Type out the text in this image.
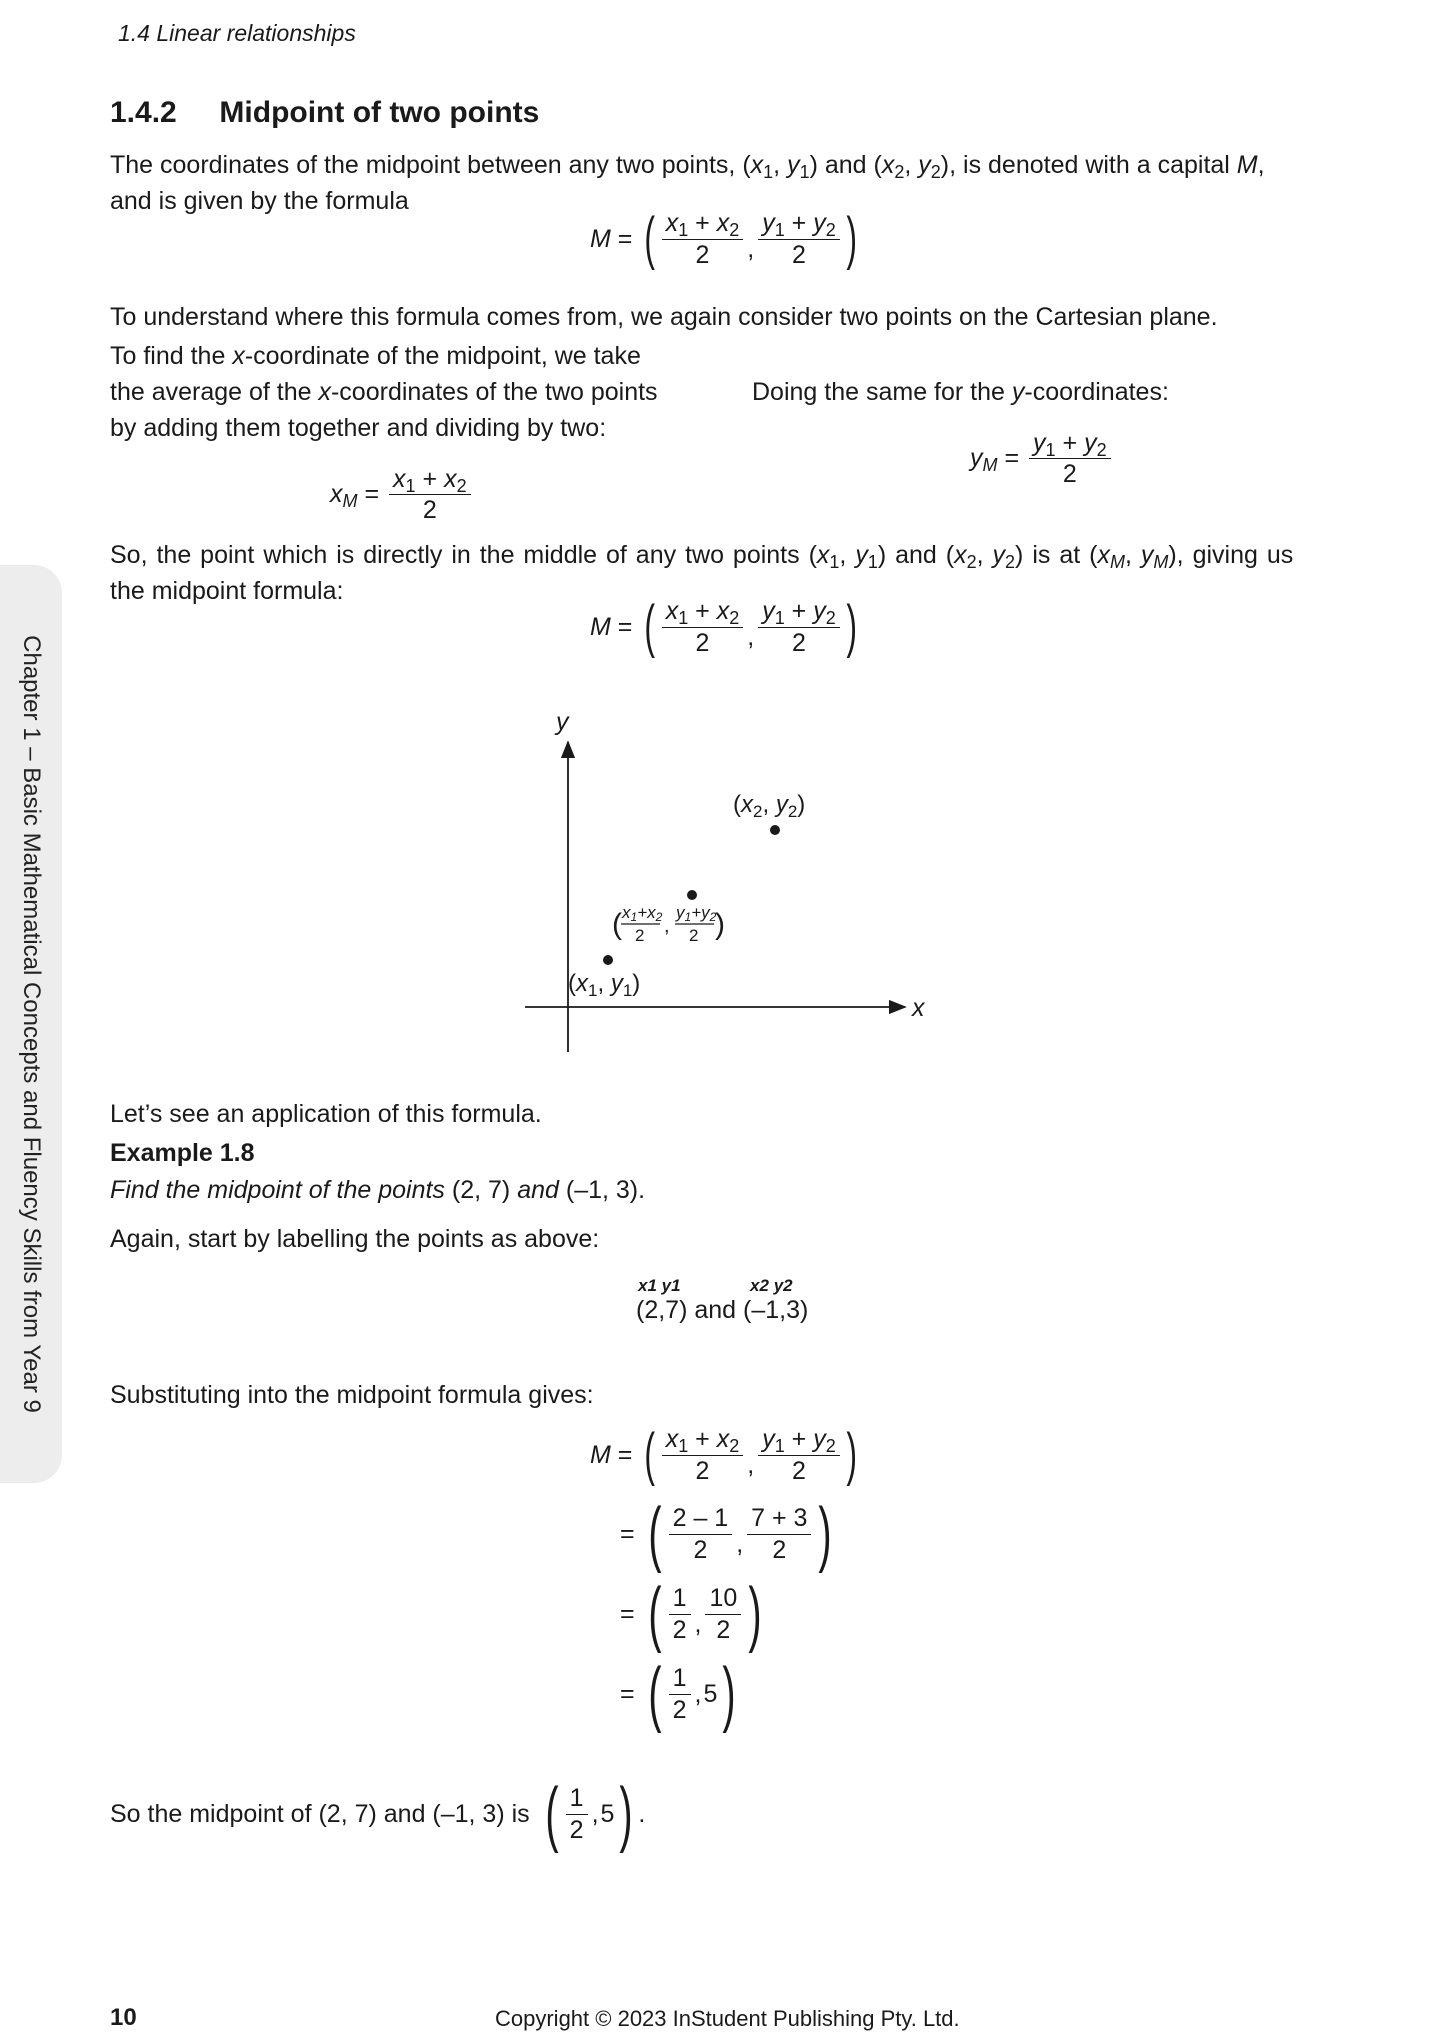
1.4 Linear relationships
Chapter 1 – Basic Mathematical Concepts and Fluency Skills from Year 9
1.4.2 Midpoint of two points
The coordinates of the midpoint between any two points, ($x_1$, $y_1$) and ($x_2$, $y_2$), is denoted with a capital M,
and is given by the formula
M = ( $\frac{x_1 + x_2}{2}$ , $\frac{y_1 + y_2}{2}$ )
To understand where this formula comes from, we again consider two points on the Cartesian plane.
To find the x-coordinate of the midpoint, we take
the average of the x-coordinates of the two points
by adding them together and dividing by two:
Doing the same for the y-coordinates:
$x_M = \frac{x_1 + x_2}{2}$
$y_M = \frac{y_1 + y_2}{2}$
So, the point which is directly in the middle of any two points ($x_1$, $y_1$) and ($x_2$, $y_2$) is at ($x_M$, $y_M$), giving us
the midpoint formula:
M = ( $\frac{x_1 + x_2}{2}$ , $\frac{y_1 + y_2}{2}$ )
x
y
($x_1$, $y_1$)
($x_2$, $y_2$)
( x1+x2
2 ,
y1+y2
2 )
Let’s see an application of this formula.
Example 1.8
Find the midpoint of the points (2, 7) and (–1, 3).
Again, start by labelling the points as above:
x1 y1	x2 y2
(2,7) and (–1,3)
Substituting into the midpoint formula gives:
M = ( $\frac{x_1 + x_2}{2}$ , $\frac{y_1 + y_2}{2}$ )
= ( $\frac{2 - 1}{2}$ , $\frac{7 + 3}{2}$ )
= ( $\frac{1}{2}$ , $\frac{10}{2}$ )
= ( $\frac{1}{2}$ , 5 )
So the midpoint of (2, 7) and (–1, 3) is ( $\frac{1}{2}$ , 5 ) .
10	Copyright © 2023 InStudent Publishing Pty. Ltd.
